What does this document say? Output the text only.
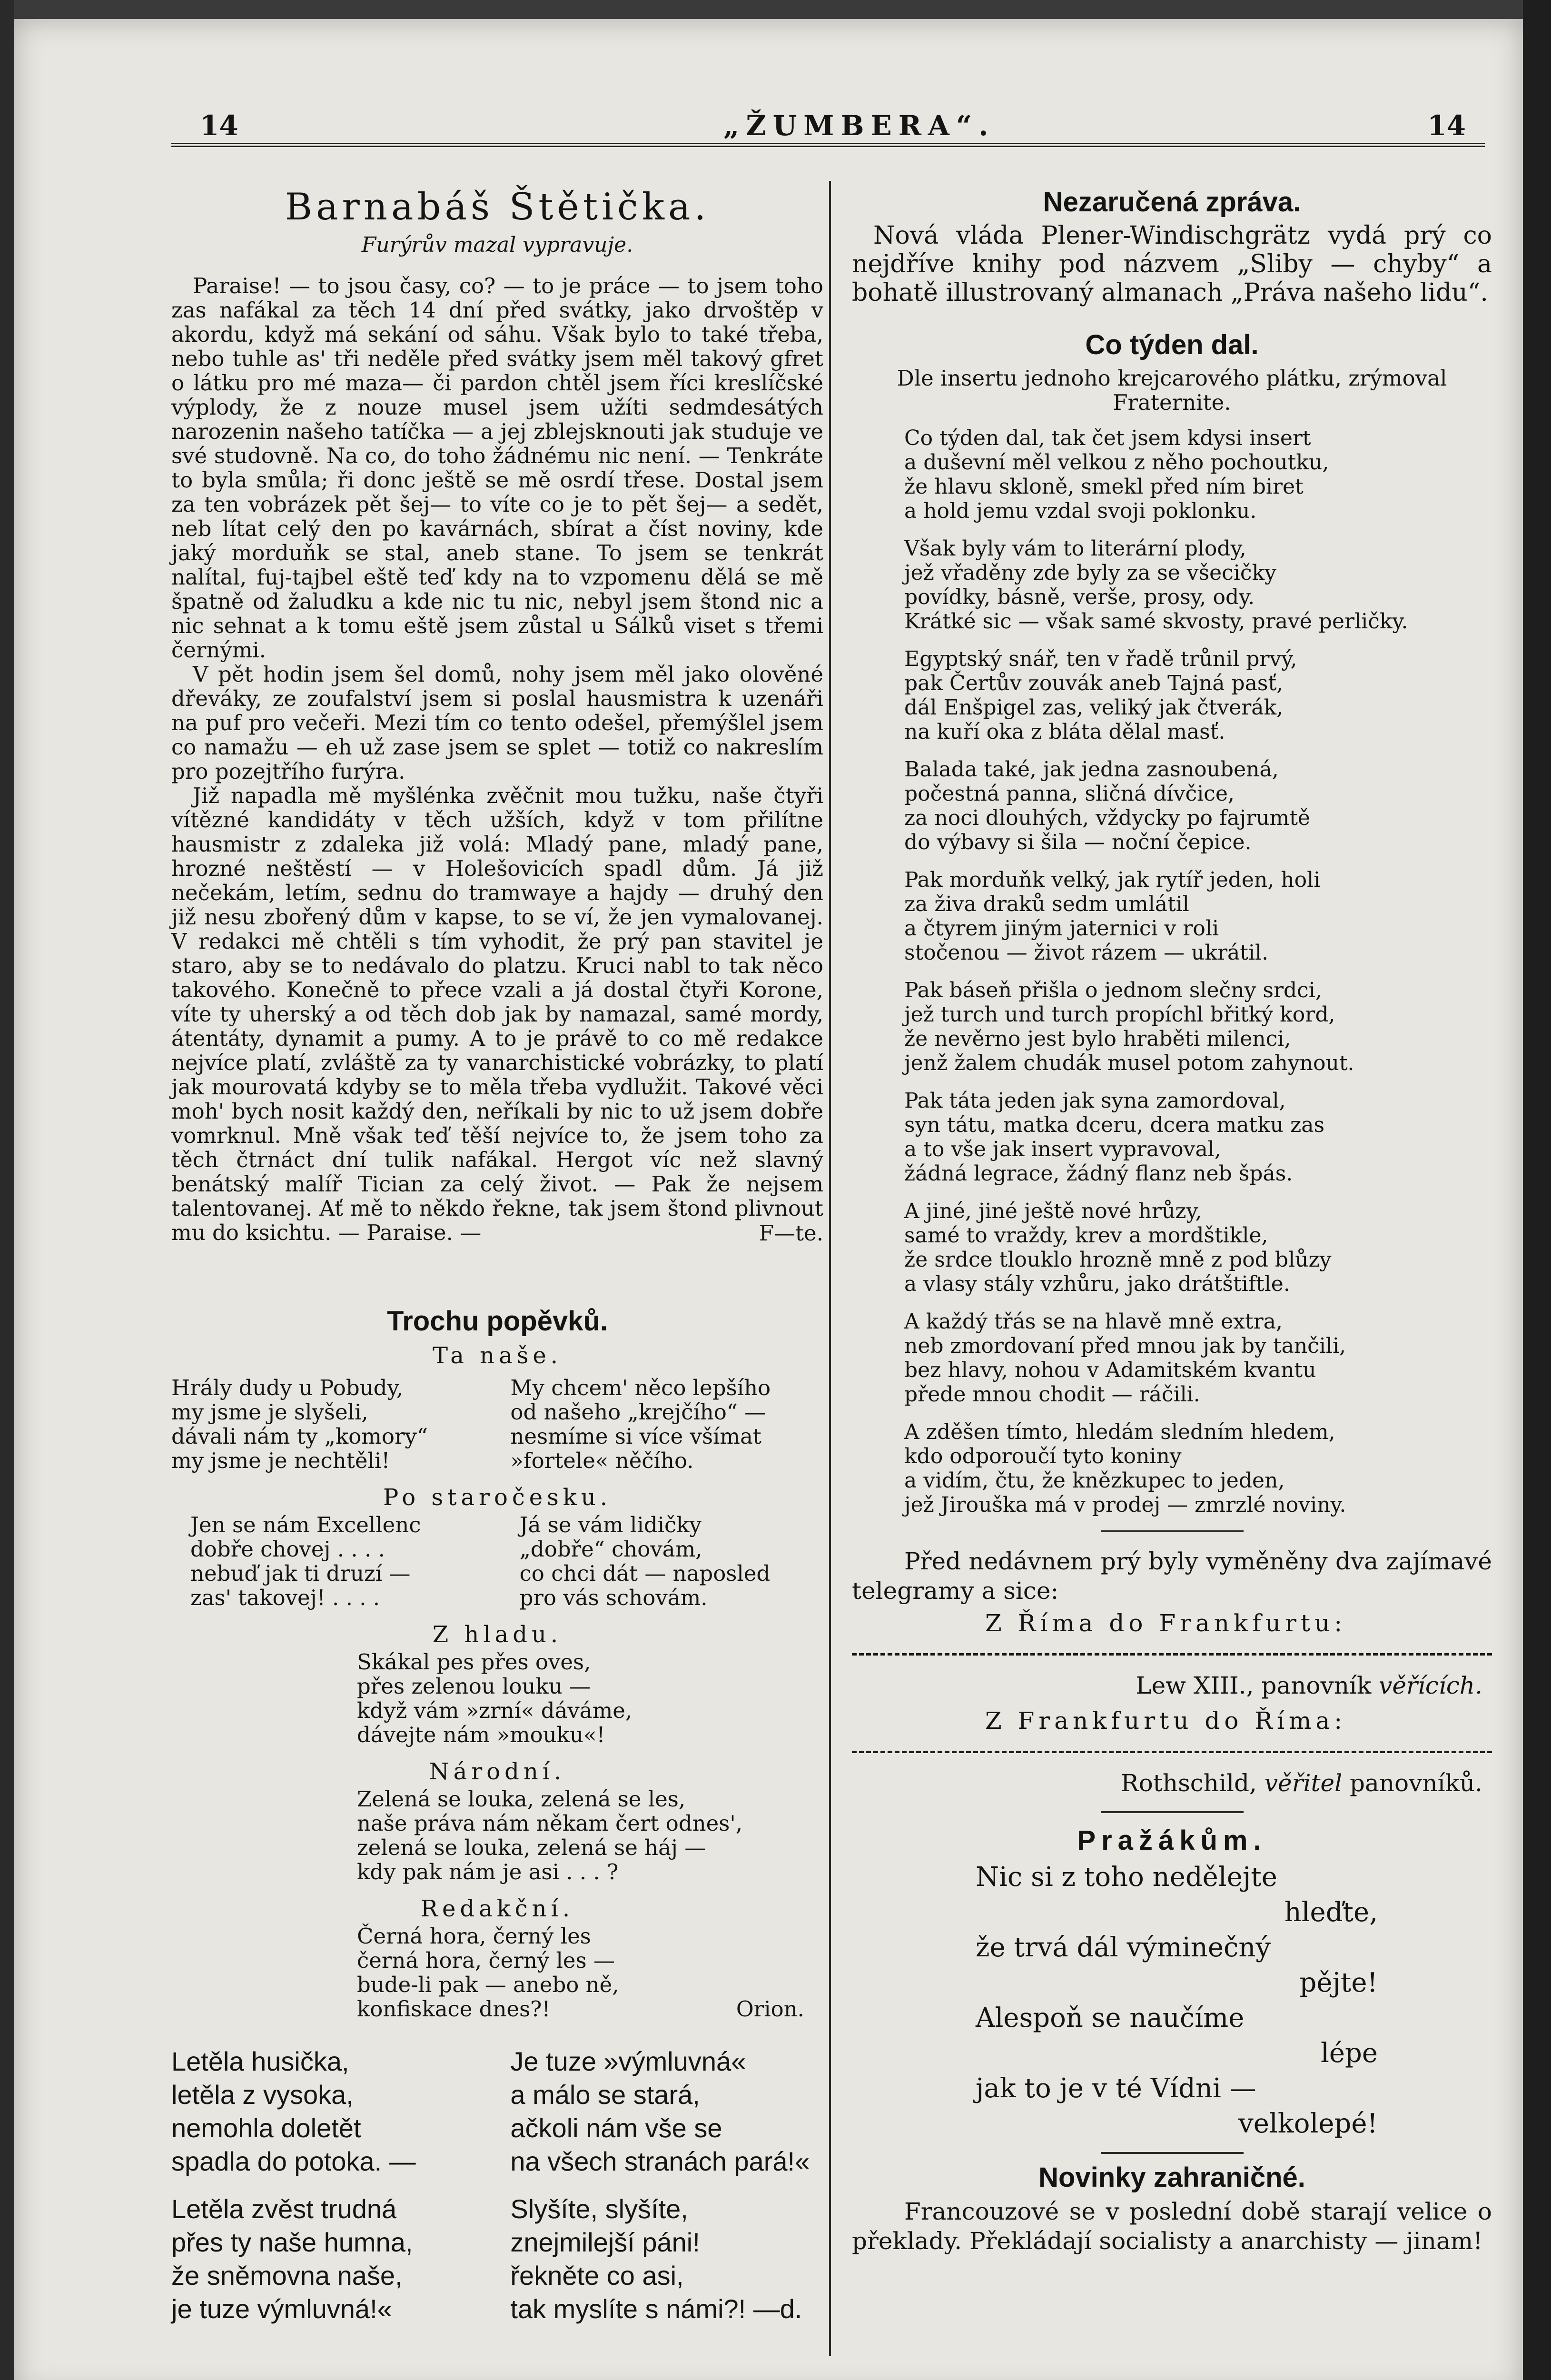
14	„ŽUMBERA“.	14
Barnabáš Štětička.
Furýrův mazal vypravuje.

Paraise! — to jsou časy, co? — to je práce — to jsem toho zas nafákal za těch 14 dní před svátky, jako drvoštěp v akordu, když má sekání od sáhu. Však bylo to také třeba, nebo tuhle as' tři neděle před svátky jsem měl takový gfret o látku pro mé maza— či pardon chtěl jsem říci kreslíčské výplody, že z nouze musel jsem užíti sedmdesátých narozenin našeho tatíčka — a jej zblejsknouti jak studuje ve své studovně. Na co, do toho žádnému nic není. — Tenkráte to byla smůla; ři donc ještě se mě osrdí třese. Dostal jsem za ten vobrázek pět šej— to víte co je to pět šej— a sedět, neb lítat celý den po kavárnách, sbírat a číst noviny, kde jaký morduňk se stal, aneb stane. To jsem se tenkrát nalítal, fuj-tajbel eště teď kdy na to vzpomenu dělá se mě špatně od žaludku a kde nic tu nic, nebyl jsem štond nic a nic sehnat a k tomu eště jsem zůstal u Sálků viset s třemi černými.

V pět hodin jsem šel domů, nohy jsem měl jako olověné dřeváky, ze zoufalství jsem si poslal hausmistra k uzenáři na puf pro večeři. Mezi tím co tento odešel, přemýšlel jsem co namažu — eh už zase jsem se splet — totiž co nakreslím pro pozejtřího furýra.

Již napadla mě myšlénka zvěčnit mou tužku, naše čtyři vítězné kandidáty v těch užších, když v tom přilítne hausmistr z zdaleka již volá: Mladý pane, mladý pane, hrozné neštěstí — v Holešovicích spadl dům. Já již nečekám, letím, sednu do tramwaye a hajdy — druhý den již nesu zbořený dům v kapse, to se ví, že jen vymalovanej. V redakci mě chtěli s tím vyhodit, že prý pan stavitel je staro, aby se to nedávalo do platzu. Kruci nabl to tak něco takového. Konečně to přece vzali a já dostal čtyři Korone, víte ty uherský a od těch dob jak by namazal, samé mordy, átentáty, dynamit a pumy. A to je právě to co mě redakce nejvíce platí, zvláště za ty vanarchistické vobrázky, to platí jak mourovatá kdyby se to měla třeba vydlužit. Takové věci moh' bych nosit každý den, neříkali by nic to už jsem dobře vomrknul. Mně však teď těší nejvíce to, že jsem toho za těch čtrnáct dní tulik nafákal. Hergot víc než slavný benátský malíř Tician za celý život. — Pak že nejsem talentovanej. Ať mě to někdo řekne, tak jsem štond plivnout mu do ksichtu. — Paraise. —	F—te.
Trochu popěvků.
Ta naše.
Hrály dudy u Pobudy,
my jsme je slyšeli,
dávali nám ty „komory“
my jsme je nechtěli!
My chcem' něco lepšího
od našeho „krejčího“ —
nesmíme si více všímat
»fortele« něčího.
Po staročesku.
Jen se nám Excellenc
dobře chovej . . . .
nebuď jak ti druzí —
zas' takovej! . . . .
Já se vám lidičky
„dobře“ chovám,
co chci dát — naposled
pro vás schovám.
Z hladu.
Skákal pes přes oves,
přes zelenou louku —
když vám »zrní« dáváme,
dávejte nám »mouku«!
Národní.
Zelená se louka, zelená se les,
naše práva nám někam čert odnes',
zelená se louka, zelená se háj —
kdy pak nám je asi . . . ?
Redakční.
Černá hora, černý les
černá hora, černý les —
bude-li pak — anebo ně,
konfiskace dnes?!	Orion.
Letěla husička,
letěla z vysoka,
nemohla doletět
spadla do potoka. —
Je tuze »výmluvná«
a málo se stará,
ačkoli nám vše se
na všech stranách pará!«
Letěla zvěst trudná
přes ty naše humna,
že sněmovna naše,
je tuze výmluvná!«
Slyšíte, slyšíte,
znejmilejší páni!
řekněte co asi,
tak myslíte s námi?! —d.
Nezaručená zpráva.

Nová vláda Plener-Windischgrätz vydá prý co nejdříve knihy pod názvem „Sliby — chyby“ a bohatě illustrovaný almanach „Práva našeho lidu“.

Co týden dal.
Dle insertu jednoho krejcarového plátku, zrýmoval Fraternite.
Co týden dal, tak čet jsem kdysi insert
a duševní měl velkou z něho pochoutku,
že hlavu skloně, smekl před ním biret
a hold jemu vzdal svoji poklonku.
Však byly vám to literární plody,
jež vřaděny zde byly za se všecičky
povídky, básně, verše, prosy, ody.
Krátké sic — však samé skvosty, pravé perličky.
Egyptský snář, ten v řadě trůnil prvý,
pak Čertův zouvák aneb Tajná pasť,
dál Enšpigel zas, veliký jak čtverák,
na kuří oka z bláta dělal masť.
Balada také, jak jedna zasnoubená,
počestná panna, sličná dívčice,
za noci dlouhých, vždycky po fajrumtě
do výbavy si šila — noční čepice.
Pak morduňk velký, jak rytíř jeden, holi
za živa draků sedm umlátil
a čtyrem jiným jaternici v roli
stočenou — život rázem — ukrátil.
Pak báseň přišla o jednom slečny srdci,
jež turch und turch propíchl břitký kord,
že nevěrno jest bylo hraběti milenci,
jenž žalem chudák musel potom zahynout.
Pak táta jeden jak syna zamordoval,
syn tátu, matka dceru, dcera matku zas
a to vše jak insert vypravoval,
žádná legrace, žádný flanz neb špás.
A jiné, jiné ještě nové hrůzy,
samé to vraždy, krev a mordštikle,
že srdce tlouklo hrozně mně z pod blůzy
a vlasy stály vzhůru, jako drátštiftle.
A každý třás se na hlavě mně extra,
neb zmordovaní před mnou jak by tančili,
bez hlavy, nohou v Adamitském kvantu
přede mnou chodit — ráčili.
A zděšen tímto, hledám sledním hledem,
kdo odporoučí tyto koniny
a vidím, čtu, že knězkupec to jeden,
jež Jirouška má v prodej — zmrzlé noviny.

Před nedávnem prý byly vyměněny dva zajímavé telegramy a sice:

Z Říma do Frankfurtu:
Lew XIII., panovník věřících.
Z Frankfurtu do Říma:
Rothschild, věřitel panovníků.
Pražákům.
Nic si z toho nedělejte
hleďte,
že trvá dál výminečný
pějte!
Alespoň se naučíme
lépe
jak to je v té Vídni —
velkolepé!
Novinky zahraničné.

Francouzové se v poslední době starají velice o překlady. Překládají socialisty a anarchisty — jinam!
